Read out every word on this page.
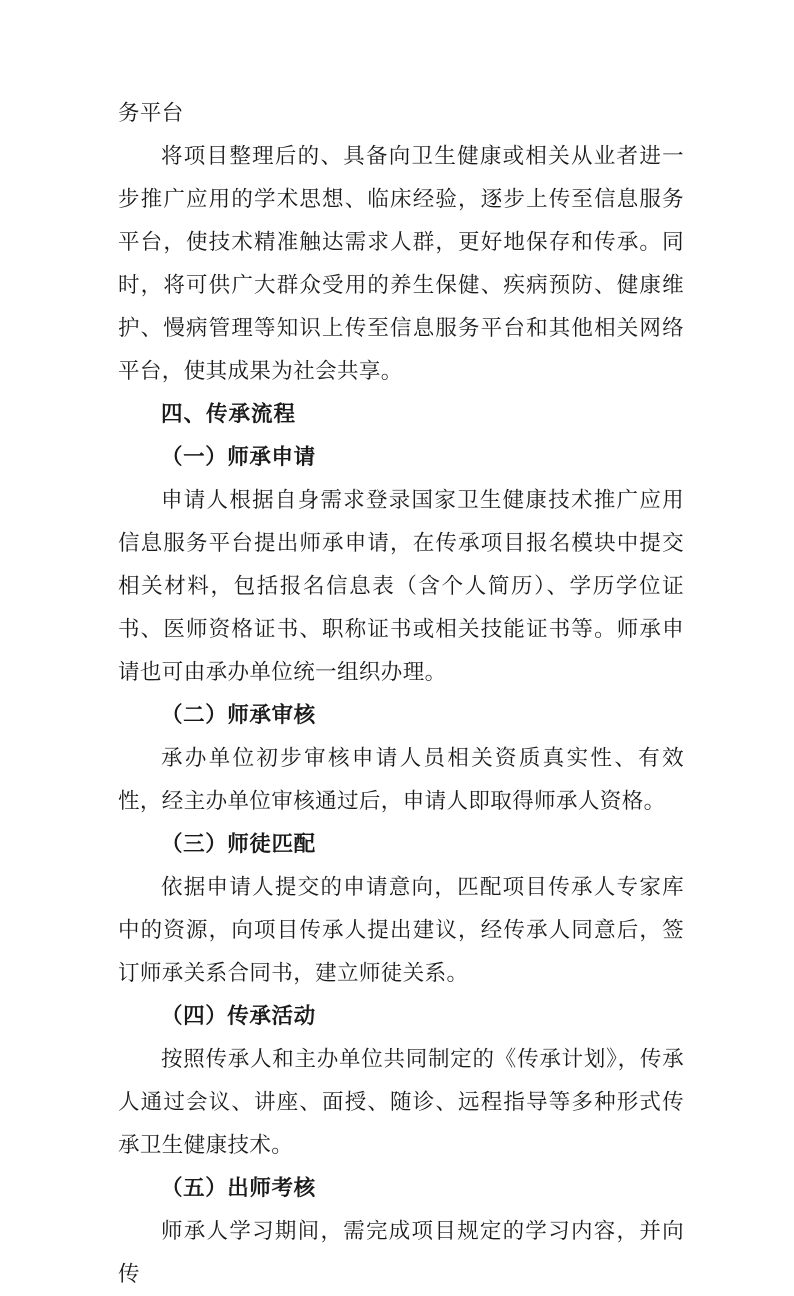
务平台

将项目整理后的、具备向卫生健康或相关从业者进一步推广应用的学术思想、临床经验，逐步上传至信息服务平台，使技术精准触达需求人群，更好地保存和传承。同时，将可供广大群众受用的养生保健、疾病预防、健康维护、慢病管理等知识上传至信息服务平台和其他相关网络平台，使其成果为社会共享。

四、传承流程

（一）师承申请

申请人根据自身需求登录国家卫生健康技术推广应用信息服务平台提出师承申请，在传承项目报名模块中提交相关材料，包括报名信息表（含个人简历）、学历学位证书、医师资格证书、职称证书或相关技能证书等。师承申请也可由承办单位统一组织办理。

（二）师承审核

承办单位初步审核申请人员相关资质真实性、有效性，经主办单位审核通过后，申请人即取得师承人资格。

（三）师徒匹配

依据申请人提交的申请意向，匹配项目传承人专家库中的资源，向项目传承人提出建议，经传承人同意后，签订师承关系合同书，建立师徒关系。

（四）传承活动

按照传承人和主办单位共同制定的《传承计划》，传承人通过会议、讲座、面授、随诊、远程指导等多种形式传承卫生健康技术。

（五）出师考核

师承人学习期间，需完成项目规定的学习内容，并向传
